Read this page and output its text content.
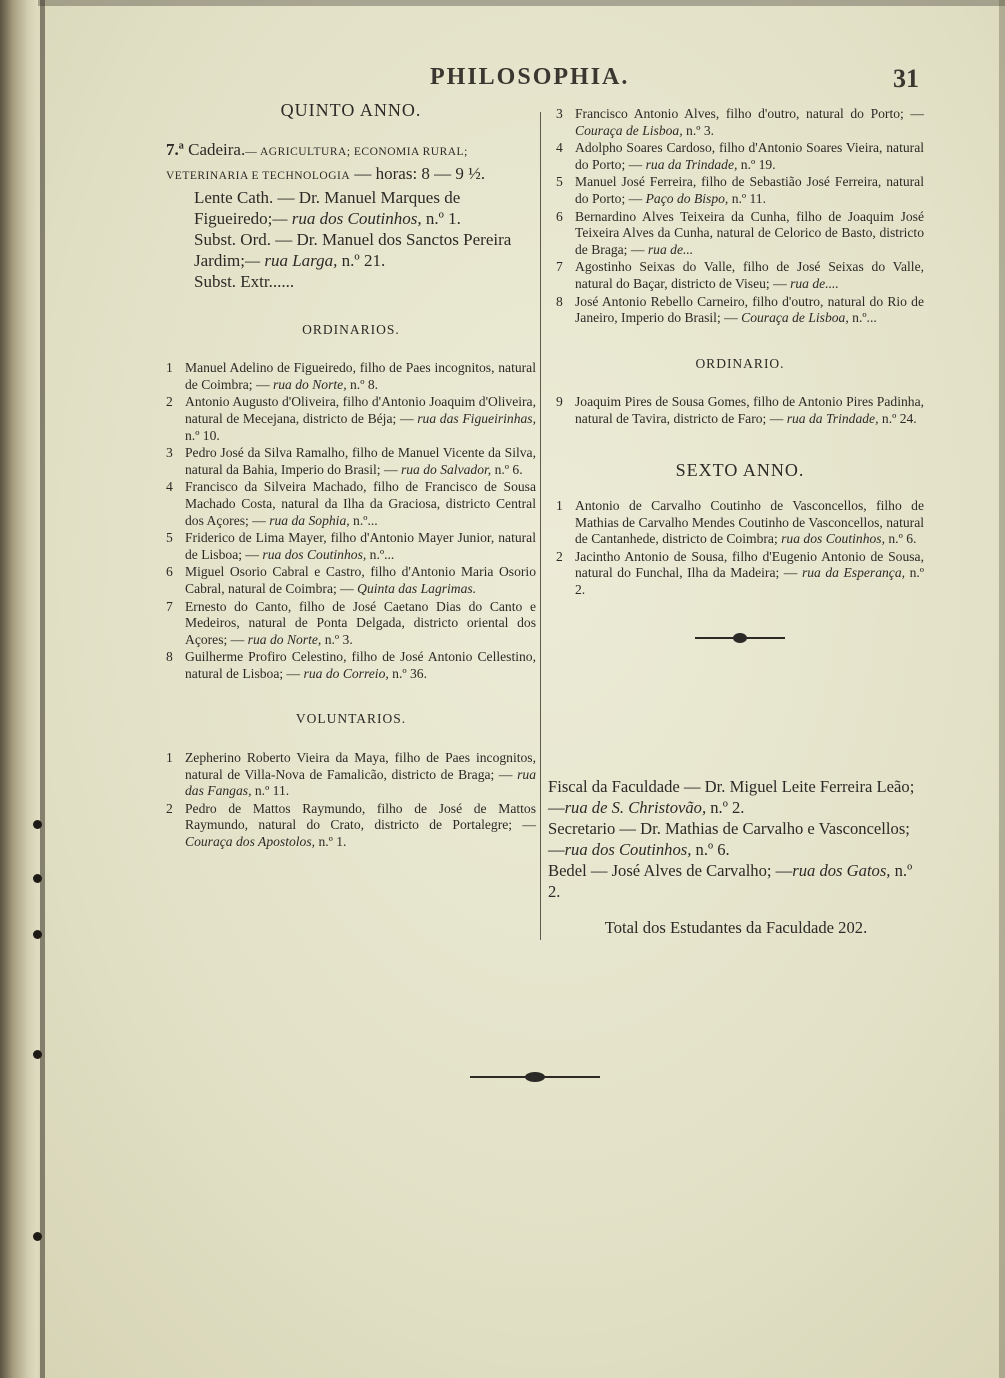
PHILOSOPHIA.	31
QUINTO ANNO.
7.ª Cadeira.— AGRICULTURA; ECONOMIA RURAL; VETERINARIA E TECHNOLOGIA — horas: 8 — 9 ½.
Lente Cath. — Dr. Manuel Marques de Figueiredo;— rua dos Coutinhos, n.º 1.
Subst. Ord. — Dr. Manuel dos Sanctos Pereira Jardim;— rua Larga, n.º 21.
Subst. Extr......
ORDINARIOS.
1 Manuel Adelino de Figueiredo, filho de Paes incognitos, natural de Coimbra; — rua do Norte, n.º 8.
2 Antonio Augusto d'Oliveira, filho d'Antonio Joaquim d'Oliveira, natural de Mecejana, districto de Béja; — rua das Figueirinhas, n.º 10.
3 Pedro José da Silva Ramalho, filho de Manuel Vicente da Silva, natural da Bahia, Imperio do Brasil; — rua do Salvador, n.º 6.
4 Francisco da Silveira Machado, filho de Francisco de Sousa Machado Costa, natural da Ilha da Graciosa, districto Central dos Açores; — rua da Sophia, n.º...
5 Friderico de Lima Mayer, filho d'Antonio Mayer Junior, natural de Lisboa; — rua dos Coutinhos, n.º...
6 Miguel Osorio Cabral e Castro, filho d'Antonio Maria Osorio Cabral, natural de Coimbra; — Quinta das Lagrimas.
7 Ernesto do Canto, filho de José Caetano Dias do Canto e Medeiros, natural de Ponta Delgada, districto oriental dos Açores; — rua do Norte, n.º 3.
8 Guilherme Profiro Celestino, filho de José Antonio Cellestino, natural de Lisboa; — rua do Correio, n.º 36.
VOLUNTARIOS.
1 Zepherino Roberto Vieira da Maya, filho de Paes incognitos, natural de Villa-Nova de Famalicão, districto de Braga; — rua das Fangas, n.º 11.
2 Pedro de Mattos Raymundo, filho de José de Mattos Raymundo, natural do Crato, districto de Portalegre; — Couraça dos Apostolos, n.º 1.
3 Francisco Antonio Alves, filho d'outro, natural do Porto; — Couraça de Lisboa, n.º 3.
4 Adolpho Soares Cardoso, filho d'Antonio Soares Vieira, natural do Porto; — rua da Trindade, n.º 19.
5 Manuel José Ferreira, filho de Sebastião José Ferreira, natural do Porto; — Paço do Bispo, n.º 11.
6 Bernardino Alves Teixeira da Cunha, filho de Joaquim José Teixeira Alves da Cunha, natural de Celorico de Basto, districto de Braga; — rua de...
7 Agostinho Seixas do Valle, filho de José Seixas do Valle, natural do Baçar, districto de Viseu; — rua de....
8 José Antonio Rebello Carneiro, filho d'outro, natural do Rio de Janeiro, Imperio do Brasil; — Couraça de Lisboa, n.º...
ORDINARIO.
9 Joaquim Pires de Sousa Gomes, filho de Antonio Pires Padinha, natural de Tavira, districto de Faro; — rua da Trindade, n.º 24.
SEXTO ANNO.
1 Antonio de Carvalho Coutinho de Vasconcellos, filho de Mathias de Carvalho Mendes Coutinho de Vasconcellos, natural de Cantanhede, districto de Coimbra; rua dos Coutinhos, n.º 6.
2 Jacintho Antonio de Sousa, filho d'Eugenio Antonio de Sousa, natural do Funchal, Ilha da Madeira; — rua da Esperança, n.º 2.
Fiscal da Faculdade — Dr. Miguel Leite Ferreira Leão; —rua de S. Christovão, n.º 2.
Secretario — Dr. Mathias de Carvalho e Vasconcellos; —rua dos Coutinhos, n.º 6.
Bedel — José Alves de Carvalho; —rua dos Gatos, n.º 2.
Total dos Estudantes da Faculdade 202.
